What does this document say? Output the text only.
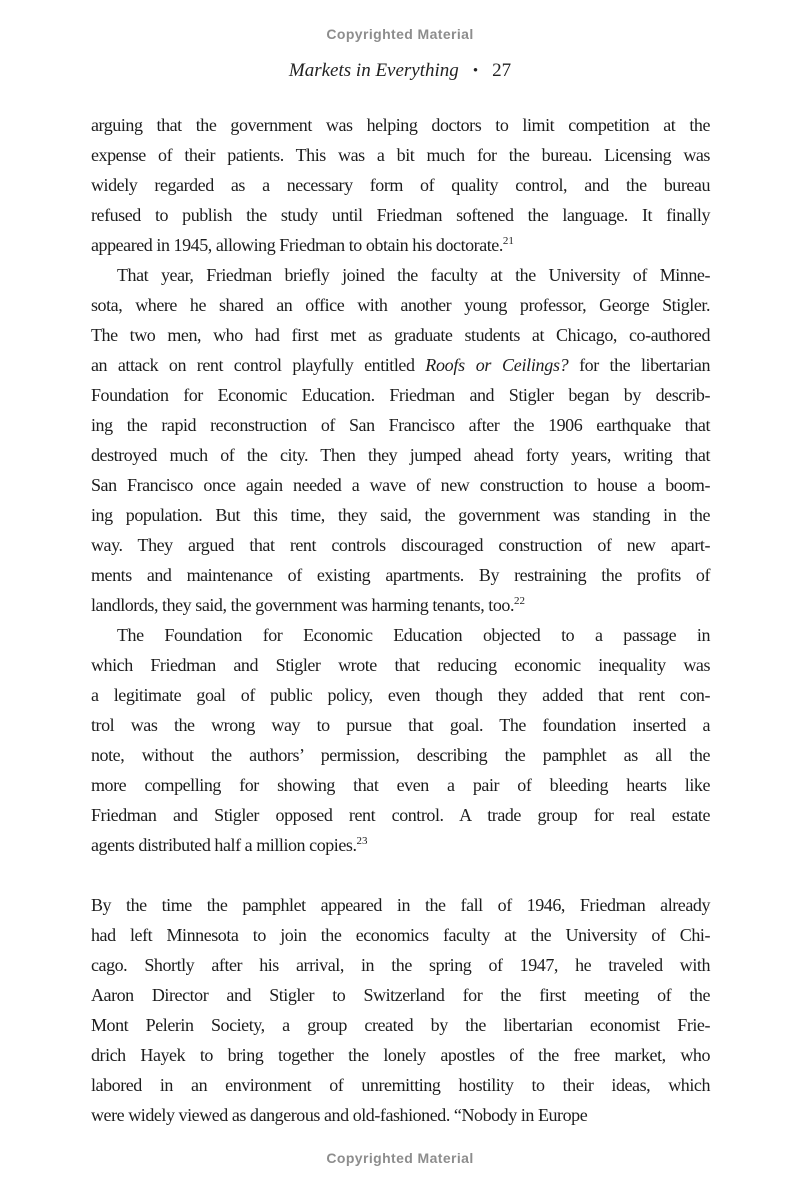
Copyrighted Material
Markets in Everything • 27
arguing that the government was helping doctors to limit competition at the
expense of their patients. This was a bit much for the bureau. Licensing was
widely regarded as a necessary form of quality control, and the bureau
refused to publish the study until Friedman softened the language. It finally
appeared in 1945, allowing Friedman to obtain his doctorate.$^{21}$
That year, Friedman briefly joined the faculty at the University of Minne-
sota, where he shared an office with another young professor, George Stigler.
The two men, who had first met as graduate students at Chicago, co-authored
an attack on rent control playfully entitled Roofs or Ceilings? for the libertarian
Foundation for Economic Education. Friedman and Stigler began by describ-
ing the rapid reconstruction of San Francisco after the 1906 earthquake that
destroyed much of the city. Then they jumped ahead forty years, writing that
San Francisco once again needed a wave of new construction to house a boom-
ing population. But this time, they said, the government was standing in the
way. They argued that rent controls discouraged construction of new apart-
ments and maintenance of existing apartments. By restraining the profits of
landlords, they said, the government was harming tenants, too.$^{22}$
The Foundation for Economic Education objected to a passage in
which Friedman and Stigler wrote that reducing economic inequality was
a legitimate goal of public policy, even though they added that rent con-
trol was the wrong way to pursue that goal. The foundation inserted a
note, without the authors’ permission, describing the pamphlet as all the
more compelling for showing that even a pair of bleeding hearts like
Friedman and Stigler opposed rent control. A trade group for real estate
agents distributed half a million copies.$^{23}$
By the time the pamphlet appeared in the fall of 1946, Friedman already
had left Minnesota to join the economics faculty at the University of Chi-
cago. Shortly after his arrival, in the spring of 1947, he traveled with
Aaron Director and Stigler to Switzerland for the first meeting of the
Mont Pelerin Society, a group created by the libertarian economist Frie-
drich Hayek to bring together the lonely apostles of the free market, who
labored in an environment of unremitting hostility to their ideas, which
were widely viewed as dangerous and old-fashioned. “Nobody in Europe
Copyrighted Material
